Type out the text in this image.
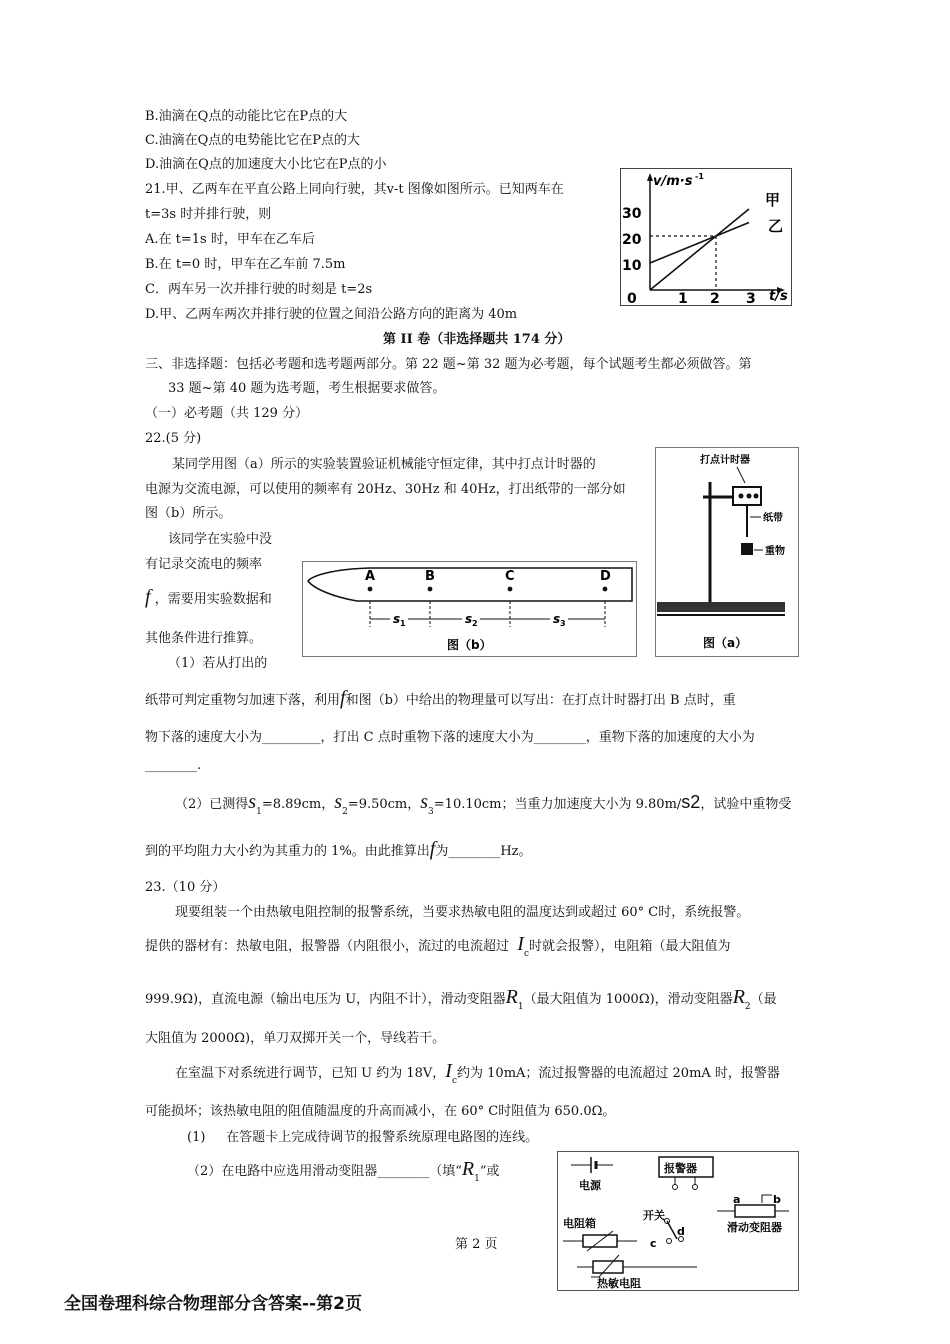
B.油滴在Q点的动能比它在P点的大
C.油滴在Q点的电势能比它在P点的大
D.油滴在Q点的加速度大小比它在P点的小
21.甲、乙两车在平直公路上同向行驶，其v-t 图像如图所示。已知两车在
t=3s 时并排行驶，则
A.在 t=1s 时，甲车在乙车后
B.在 t=0 时，甲车在乙车前 7.5m
C．两车另一次并排行驶的时刻是 t=2s
D.甲、乙两车两次并排行驶的位置之间沿公路方向的距离为 40m
v/m·s -1
30
20
10
0	1 2 3 t/s
甲
乙
第 II 卷（非选择题共 174 分）
三、非选择题：包括必考题和选考题两部分。第 22 题~第 32 题为必考题，每个试题考生都必须做答。第
33 题~第 40 题为选考题，考生根据要求做答。
（一）必考题（共 129 分）
22.(5 分)
某同学用图（a）所示的实验装置验证机械能守恒定律，其中打点计时器的
电源为交流电源，可以使用的频率有 20Hz、30Hz 和 40Hz，打出纸带的一部分如
图（b）所示。
该同学在实验中没
有记录交流电的频率
f ，需要用实验数据和
其他条件进行推算。
（1）若从打出的
A	B	C	D
s 1	s 2	s 3
图（b）
打点计时器
纸带
重物
图（a）
纸带可判定重物匀加速下落，利用f和图（b）中给出的物理量可以写出：在打点计时器打出 B 点时，重
物下落的速度大小为_________，打出 C 点时重物下落的速度大小为________，重物下落的加速度的大小为
________.
（2）已测得$s_1=8.89cm$，$s_2=9.50cm$，$s_3=10.10cm$；当重力加速度大小为 9.80m/s2，试验中重物受
到的平均阻力大小约为其重力的 1%。由此推算出f为________Hz。
23.（10 分）
现要组装一个由热敏电阻控制的报警系统，当要求热敏电阻的温度达到或超过 60° C时，系统报警。
提供的器材有：热敏电阻，报警器（内阻很小，流过的电流超过 $I_c$时就会报警），电阻箱（最大阻值为
999.9Ω)，直流电源（输出电压为 U，内阻不计），滑动变阻器$R_1$（最大阻值为 1000Ω)，滑动变阻器$R_2$（最
大阻值为 2000Ω)，单刀双掷开关一个，导线若干。
在室温下对系统进行调节，已知 U 约为 18V，$I_c$约为 10mA；流过报警器的电流超过 20mA 时，报警器
可能损坏；该热敏电阻的阻值随温度的升高而减小，在 60° C时阻值为 650.0Ω。
(1) 在答题卡上完成待调节的报警系统原理电路图的连线。
（2）在电路中应选用滑动变阻器________（填“$R_1$”或
电源
报警器
开关
c
d
a	b
滑动变阻器
电阻箱
热敏电阻
第 2 页
全国卷理科综合物理部分含答案--第2页
